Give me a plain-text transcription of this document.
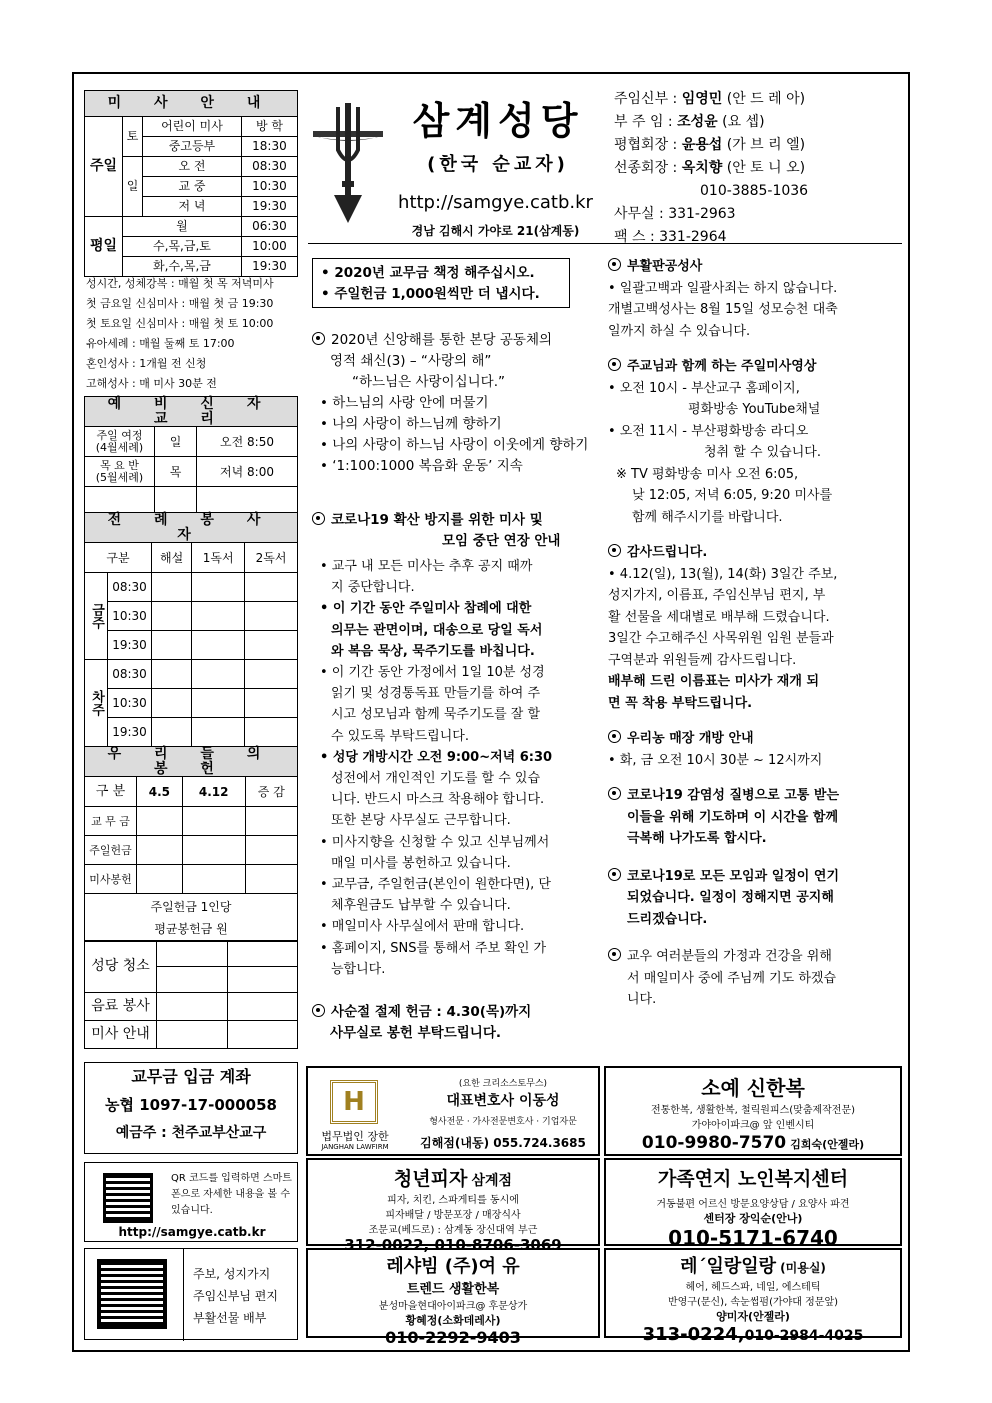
삼계성당
(한국 순교자)
http://samgye.catb.kr
경남 김해시 가야로 21(삼계동)
주임신부 : 임영민 (안 드 레 아)
부 주 임 : 조성윤 (요 셉)
평협회장 : 윤용섭 (가 브 리 엘)
선종회장 : 옥치향 (안 토 니 오)
010-3885-1036
사무실 : 331-2963
팩 스 : 331-2964
미 사 안 내			
주일	토	어린이 미사	방 학
		중고등부	18:30
	일	오 전	08:30
		교 중	10:30
		저 녁	19:30
평일	월		06:30
	수,목,금,토		10:00
	화,수,목,금		19:30
성시간, 성체강복 : 매월 첫 목 저녁미사
첫 금요일 신심미사 : 매월 첫 금 19:30
첫 토요일 신심미사 : 매월 첫 토 10:00
유아세례 : 매월 둘째 토 17:00
혼인성사 : 1개월 전 신청
고해성사 : 매 미사 30분 전
예 비 신 자 교 리		

주일 여정
(4월세례)	일	오전 8:50

목 요 반
(5월세례)	목	저녁 8:00

전 례 봉 사 자				
구분		해설	1독서	2독서
금주	08:30			
	10:30			
	19:30			
차주	08:30			
	10:30			
	19:30			
우 리 들 의 봉 헌			
구 분	4.5	4.12	증 감
교 무 금			
주일헌금			
미사봉헌			

주일헌금 1인당
평균봉헌금 원			
성당 청소		

음료 봉사		
미사 안내		
• 2020년 교무금 책정 해주십시오.
• 주일헌금 1,000원씩만 더 냅시다.
2020년 신앙해를 통한 본당 공동체의
영적 쇄신(3) – “사랑의 해”
“하느님은 사랑이십니다.”
• 하느님의 사랑 안에 머물기
• 나의 사랑이 하느님께 향하기
• 나의 사랑이 하느님 사랑이 이웃에게 향하기
• ‘1:100:1000 복음화 운동’ 지속
코로나19 확산 방지를 위한 미사 및
모임 중단 연장 안내
• 교구 내 모든 미사는 추후 공지 때까
지 중단합니다.
• 이 기간 동안 주일미사 참례에 대한
의무는 관면이며, 대송으로 당일 독서
와 복음 묵상, 묵주기도를 바칩니다.
• 이 기간 동안 가정에서 1일 10분 성경
읽기 및 성경통독표 만들기를 하여 주
시고 성모님과 함께 묵주기도를 잘 할
수 있도록 부탁드립니다.
• 성당 개방시간 오전 9:00~저녁 6:30
성전에서 개인적인 기도를 할 수 있습
니다. 반드시 마스크 착용해야 합니다.
또한 본당 사무실도 근무합니다.
• 미사지향을 신청할 수 있고 신부님께서
매일 미사를 봉헌하고 있습니다.
• 교무금, 주일헌금(본인이 원한다면), 단
체후원금도 납부할 수 있습니다.
• 매일미사 사무실에서 판매 합니다.
• 홈페이지, SNS를 통해서 주보 확인 가
능합니다.
사순절 절제 헌금 : 4.30(목)까지
사무실로 봉헌 부탁드립니다.
부활판공성사
• 일괄고백과 일괄사죄는 하지 않습니다.
개별고백성사는 8월 15일 성모승천 대축
일까지 하실 수 있습니다.
주교님과 함께 하는 주일미사영상
• 오전 10시 - 부산교구 홈페이지,
평화방송 YouTube채널
• 오전 11시 - 부산평화방송 라디오
청취 할 수 있습니다.
※ TV 평화방송 미사 오전 6:05,
낮 12:05, 저녁 6:05, 9:20 미사를
함께 해주시기를 바랍니다.
감사드립니다.
• 4.12(일), 13(월), 14(화) 3일간 주보,
성지가지, 이름표, 주임신부님 편지, 부
활 선물을 세대별로 배부해 드렸습니다.
3일간 수고해주신 사목위원 임원 분들과
구역분과 위원들께 감사드립니다.
배부해 드린 이름표는 미사가 재개 되
면 꼭 착용 부탁드립니다.
우리농 매장 개방 안내
• 화, 금 오전 10시 30분 ~ 12시까지
코로나19 감염성 질병으로 고통 받는
이들을 위해 기도하며 이 시간을 함께
극복해 나가도록 합시다.
코로나19로 모든 모임과 일정이 연기
되었습니다. 일정이 정해지면 공지해
드리겠습니다.
교우 여러분들의 가정과 건강을 위해
서 매일미사 중에 주님께 기도 하겠습
니다.
교무금 입금 계좌
농협 1097-17-000058
예금주 : 천주교부산교구
QR 코드를 입력하면 스마트폰으로 자세한 내용을 볼 수 있습니다.
http://samgye.catb.kr
주보, 성지가지
주임신부님 편지
부활선물 배부
H
법무법인 장한
JANGHAN LAWFIRM
(요한 크리소스토무스)
대표변호사 이동성
형사전문 · 가사전문변호사 · 기업자문
김해점(내동) 055.724.3685
소예 신한복
전통한복, 생활한복, 철릭원피스(맞춤제작전문)
가야아이파크@ 앞 인벤시티
010-9980-7570 김희숙(안젤라)
청년피자 삼계점
피자, 치킨, 스파게티를 동시에
피자배달 / 방문포장 / 매장식사
조문교(베드로) : 삼계동 장신대역 부근
312-0022, 010-8706-3069
가족연지 노인복지센터
거동불편 어르신 방문요양상담 / 요양사 파견
센터장 장익순(안나)
010-5171-6740
레샤빔 (주)여 유
트렌드 생활한복
분성마을현대아이파크@ 후문상가
황혜정(소화데레사)
010-2292-9403
레´일랑일랑 (미용실)
헤어, 헤드스파, 네일, 에스테틱
반영구(문신), 속눈썹펌(가야대 정문앞)
양미자(안젤라)
313-0224,010-2984-4025
